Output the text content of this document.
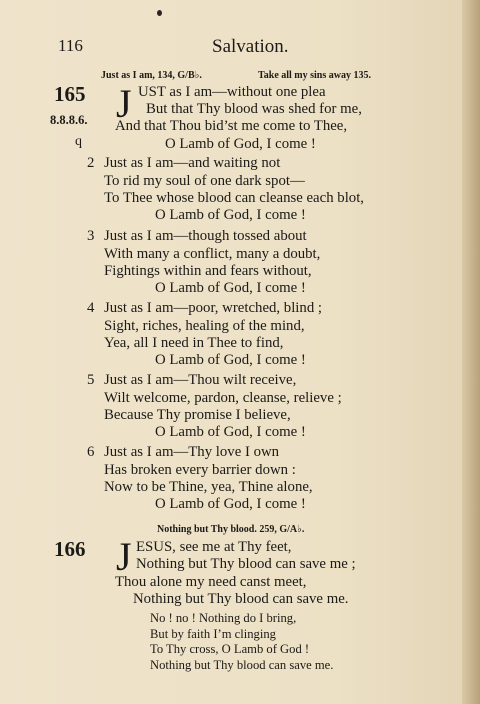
116	Salvation.
Just as I am, 134, G/B♭.	Take all my sins away 135.
165 J
8.8.8.6.
q
UST as I am—without one plea
But that Thy blood was shed for me,
And that Thou bid’st me come to Thee,
O Lamb of God, I come !
2 Just as I am—and waiting not
To rid my soul of one dark spot—
To Thee whose blood can cleanse each blot,
O Lamb of God, I come !
3 Just as I am—though tossed about
With many a conflict, many a doubt,
Fightings within and fears without,
O Lamb of God, I come !
4 Just as I am—poor, wretched, blind ;
Sight, riches, healing of the mind,
Yea, all I need in Thee to find,
O Lamb of God, I come !
5 Just as I am—Thou wilt receive,
Wilt welcome, pardon, cleanse, relieve ;
Because Thy promise I believe,
O Lamb of God, I come !
6 Just as I am—Thy love I own
Has broken every barrier down :
Now to be Thine, yea, Thine alone,
O Lamb of God, I come !
Nothing but Thy blood. 259, G/A♭.
166 J ESUS, see me at Thy feet,
Nothing but Thy blood can save me ;
Thou alone my need canst meet,
Nothing but Thy blood can save me.
No ! no ! Nothing do I bring,
But by faith I’m clinging
To Thy cross, O Lamb of God !
Nothing but Thy blood can save me.
